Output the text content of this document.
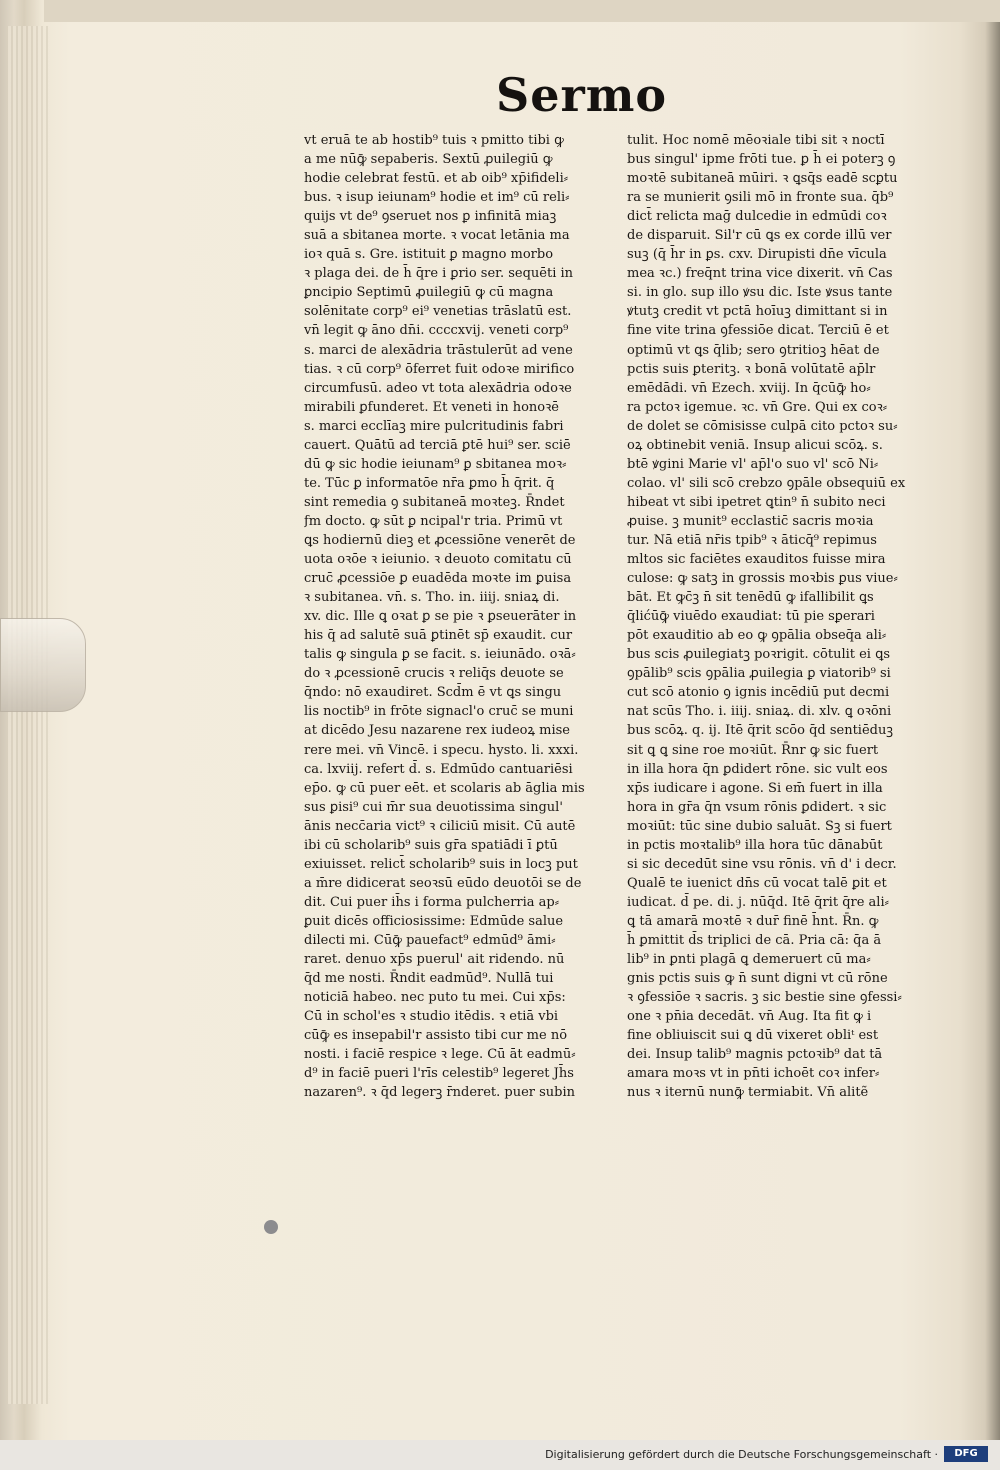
Sermo
vt eruā te ab hostib⁹ tuis ꝛ pmitto tibi ꝙ
a me nūꝙ̄ sepaberis. Sextū ꝓuilegiū ꝙ
hodie celebrat festū. et ab oib⁹ xp̄ifideli⸗
bus. ꝛ isup ieiunam⁹ hodie et im⁹ cū reli⸗
quijs vt de⁹ ꝯseruet nos ꝑ infinitā miaꝫ
suā a sbitanea morte. ꝛ vocat letānia ma
ioꝛ quā s. Gre. istituit ꝑ magno morbo
ꝛ plaga dei. de h̄ q̄re i ꝑrio ser. sequēti in
ꝑncipio Septimū ꝓuilegiū ꝙ cū magna
solēnitate corp⁹ ei⁹ venetias trāslatū est.
vn̄ legit ꝙ āno dn̄i. ccccxvij. veneti corp⁹
s. marci de alexādria trāstulerūt ad vene
tias. ꝛ cū corp⁹ ōferret fuit odoꝛe mirifico
circumfusū. adeo vt tota alexādria odoꝛe
mirabili ꝑfunderet. Et veneti in honoꝛē
s. marci ecclīaꝫ mire pulcritudinis fabri
cauert. Quātū ad terciā ꝑtē hui⁹ ser. sciē
dū ꝙ sic hodie ieiunam⁹ ꝑ sbitanea moꝛ⸗
te. Tūc ꝑ informatōe nr̄a ꝑmo h̄ q̄rit. q̄
sint remedia ꝯ subitaneā moꝛteꝫ. R̄ndet
ƒm docto. ꝙ sūt ꝑ ncipal'r tria. Primū vt
ꝗs hodiernū dieꝫ et ꝓcessiōne venerēt de
uota oꝛōe ꝛ ieiunio. ꝛ deuoto comitatu cū
cruc̄ ꝓcessiōe ꝑ euadēda moꝛte im ꝑuisa
ꝛ subitanea. vn̄. s. Tho. in. iiij. sniaꝝ di.
xv. dic. Ille ꝗ oꝛat ꝑ se pie ꝛ ꝑseuerāter in
his q̄ ad salutē suā ꝑtinēt sp̄ exaudit. cur
talis ꝙ singula ꝑ se facit. s. ieiunādo. oꝛā⸗
do ꝛ ꝓcessionē crucis ꝛ reliq̄s deuote se
q̄ndo: nō exaudiret. Scd̄m ē vt ꝗs singu
lis noctib⁹ in frōte signacl'o cruc̄ se muni
at dicēdo Jesu nazarene rex iudeoꝝ mise
rere mei. vn̄ Vincē. i specu. hysto. li. xxxi.
ca. lxviij. refert d̄. s. Edmūdo cantuariēsi
ep̄o. ꝙ cū puer eēt. et scolaris ab āglia mis
sus ꝑisi⁹ cui m̄r sua deuotissima singul'
ānis necc̄aria vict⁹ ꝛ ciliciū misit. Cū autē
ibi cū scholarib⁹ suis gr̄a spatiādi ī ꝑtū
exiuisset. relict̄ scholarib⁹ suis in locꝫ put
a m̄re didicerat seoꝛsū eūdo deuotōi se de
dit. Cui puer ih̄s i forma pulcherria ap⸗
ꝑuit dicēs officiosissime: Edmūde salue
dilecti mi. Cūꝙ̄ pauefact⁹ edmūd⁹ āmi⸗
raret. denuo xp̄s puerul' ait ridendo. nū
q̄d me nosti. R̄ndit eadmūd⁹. Nullā tui
noticiā habeo. nec puto tu mei. Cui xp̄s:
Cū in schol'es ꝛ studio itēdis. ꝛ etiā vbi
cūꝙ̄ es insepabil'r assisto tibi cur me nō
nosti. i faciē respice ꝛ lege. Cū āt eadmū⸗
d⁹ in faciē pueri l'rīs celestib⁹ legeret Jh̄s
nazaren⁹. ꝛ q̄d legerꝫ r̄nderet. puer subin
tulit. Hoc nomē mēoꝛiale tibi sit ꝛ noctī
bus singul' ipme frōti tue. ꝑ h̄ ei poterꝫ ꝯ
moꝛtē subitaneā mūiri. ꝛ ꝗsq̄s eadē scꝑtu
ra se munierit ꝯsili mō in fronte sua. q̄b⁹
dict̄ relicta maḡ dulcedie in edmūdi coꝛ
de disparuit. Sil'r cū ꝗs ex corde illū ver
suꝫ (q̄ h̄r in ꝑs. cxv. Dirupisti dn̄e vīcula
mea ꝛc.) freq̄nt trina vice dixerit. vn̄ Cas
si. in glo. sup illo ꝟsu dic. Iste ꝟsus tante
ꝟtutꝫ credit vt pctā hoīuꝫ dimittant si in
fine vite trina ꝯfessiōe dicat. Terciū ē et
optimū vt ꝗs q̄lib; sero ꝯtritioꝫ hēat de
pctis suis ꝑteritꝫ. ꝛ bonā volūtatē ap̄lr
emēdādi. vn̄ Ezech. xviij. In q̄cūꝙ̄ ho⸗
ra pctoꝛ igemue. ꝛc. vn̄ Gre. Qui ex coꝛ⸗
de dolet se cōmisisse culpā cito pctoꝛ su⸗
oꝝ obtinebit veniā. Insup alicui scōꝝ. s.
btē ꝟgini Marie vl' ap̄l'o suo vl' scō Ni⸗
colao. vl' sili scō crebzo ꝯpāle obsequiū ex
hibeat vt sibi ipetret ꝗtin⁹ n̄ subito neci
ꝓuise. ꝫ munit⁹ ecclastic̄ sacris moꝛia
tur. Nā etiā nr̄is tpib⁹ ꝛ āticq̄⁹ repimus
mltos sic faciētes exauditos fuisse mira
culose: ꝙ satꝫ in grossis moꝛbis ꝑus viue⸗
bāt. Et ꝙc̄ꝫ n̄ sit tenēdū ꝙ ifallibilit ꝗs
q̄lićūꝙ̄ viuēdo exaudiat: tū pie sꝑerari
pōt exauditio ab eo ꝙ ꝯpālia obseq̄a ali⸗
bus scis ꝓuilegiatꝫ poꝛrigit. cōtulit ei ꝗs
ꝯpālib⁹ scis ꝯpālia ꝓuilegia ꝑ viatorib⁹ si
cut scō atonio ꝯ ignis incēdiū put decmi
nat scūs Tho. i. iiij. sniaꝝ. di. xlv. ꝗ oꝛōni
bus scōꝝ. q. ij. Itē q̄rit scōo q̄d sentiēduꝫ
sit ꝗ ꝗ sine roe moꝛiūt. R̄nr ꝙ sic fuert
in illa hora q̄n ꝑdidert rōne. sic vult eos
xp̄s iudicare i agone. Si em̄ fuert in illa
hora in gr̄a q̄n vsum rōnis ꝑdidert. ꝛ sic
moꝛiūt: tūc sine dubio saluāt. Sꝫ si fuert
in pctis moꝛtalib⁹ illa hora tūc dānabūt
si sic decedūt sine vsu rōnis. vn̄ d' i decr.
Qualē te iuenict dn̄s cū vocat talē ꝑit et
iudicat. d̄ pe. di. j. nūq̄d. Itē q̄rit q̄re ali⸗
ꝗ tā amarā moꝛtē ꝛ dur̄ finē h̄nt. R̄n. ꝙ
h̄ ꝑmittit d̄s triplici de cā. Pria cā: q̄a ā
lib⁹ in ꝑnti plagā ꝗ demeruert cū ma⸗
gnis pctis suis ꝙ n̄ sunt digni vt cū rōne
ꝛ ꝯfessiōe ꝛ sacris. ꝫ sic bestie sine ꝯfessi⸗
one ꝛ pn̄ia decedāt. vn̄ Aug. Ita fit ꝙ i
fine obliuiscit sui ꝗ dū vixeret obliᵗ est
dei. Insup talib⁹ magnis pctoꝛib⁹ dat tā
amara moꝛs vt in pn̄ti ichoēt coꝛ infer⸗
nus ꝛ iternū nunꝙ̄ termiabit. Vn̄ alitẽ
Digitalisierung gefördert durch die Deutsche Forschungsgemeinschaft ·	DFG
